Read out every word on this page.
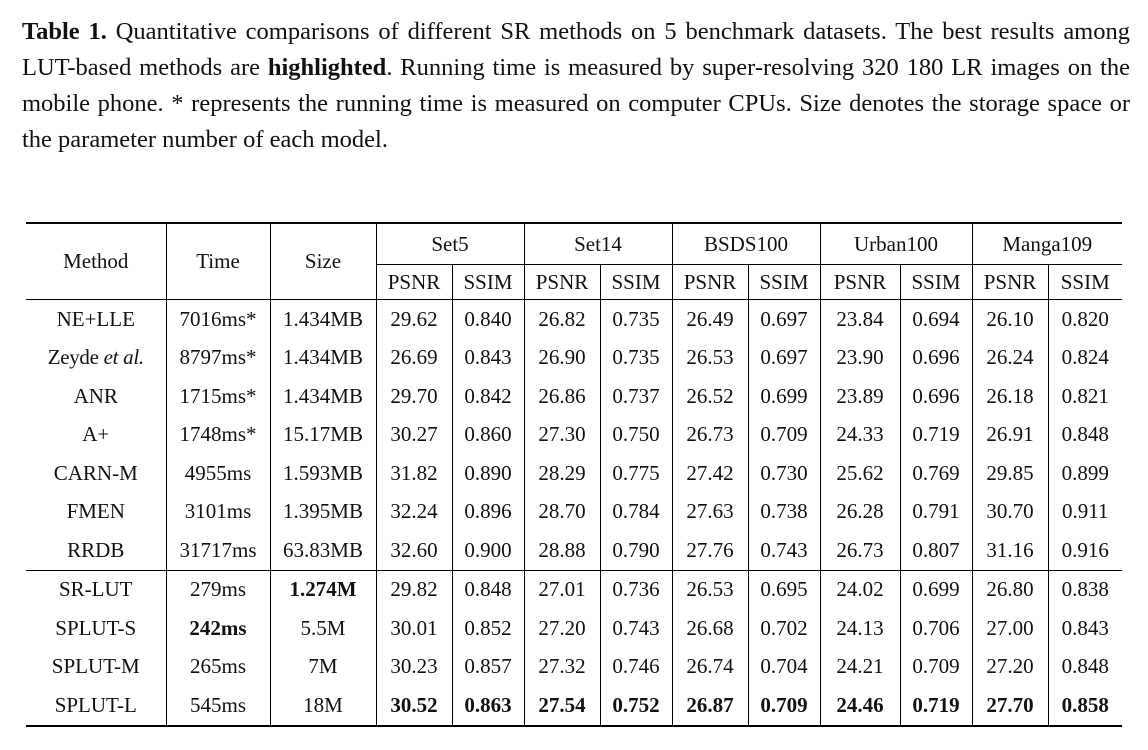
Table 1. Quantitative comparisons of different SR methods on 5 benchmark datasets. The best results among LUT-based methods are highlighted. Running time is measured by super-resolving 320 180 LR images on the mobile phone. * represents the running time is measured on computer CPUs. Size denotes the storage space or the parameter number of each model.
Method	Time	Size	Set5		Set14		BSDS100		Urban100		Manga109	
			PSNR	SSIM	PSNR	SSIM	PSNR	SSIM	PSNR	SSIM	PSNR	SSIM
NE+LLE	7016ms*	1.434MB	29.62	0.840	26.82	0.735	26.49	0.697	23.84	0.694	26.10	0.820
Zeyde et al.	8797ms*	1.434MB	26.69	0.843	26.90	0.735	26.53	0.697	23.90	0.696	26.24	0.824
ANR	1715ms*	1.434MB	29.70	0.842	26.86	0.737	26.52	0.699	23.89	0.696	26.18	0.821
A+	1748ms*	15.17MB	30.27	0.860	27.30	0.750	26.73	0.709	24.33	0.719	26.91	0.848
CARN-M	4955ms	1.593MB	31.82	0.890	28.29	0.775	27.42	0.730	25.62	0.769	29.85	0.899
FMEN	3101ms	1.395MB	32.24	0.896	28.70	0.784	27.63	0.738	26.28	0.791	30.70	0.911
RRDB	31717ms	63.83MB	32.60	0.900	28.88	0.790	27.76	0.743	26.73	0.807	31.16	0.916
SR-LUT	279ms	1.274M	29.82	0.848	27.01	0.736	26.53	0.695	24.02	0.699	26.80	0.838
SPLUT-S	242ms	5.5M	30.01	0.852	27.20	0.743	26.68	0.702	24.13	0.706	27.00	0.843
SPLUT-M	265ms	7M	30.23	0.857	27.32	0.746	26.74	0.704	24.21	0.709	27.20	0.848
SPLUT-L	545ms	18M	30.52	0.863	27.54	0.752	26.87	0.709	24.46	0.719	27.70	0.858
